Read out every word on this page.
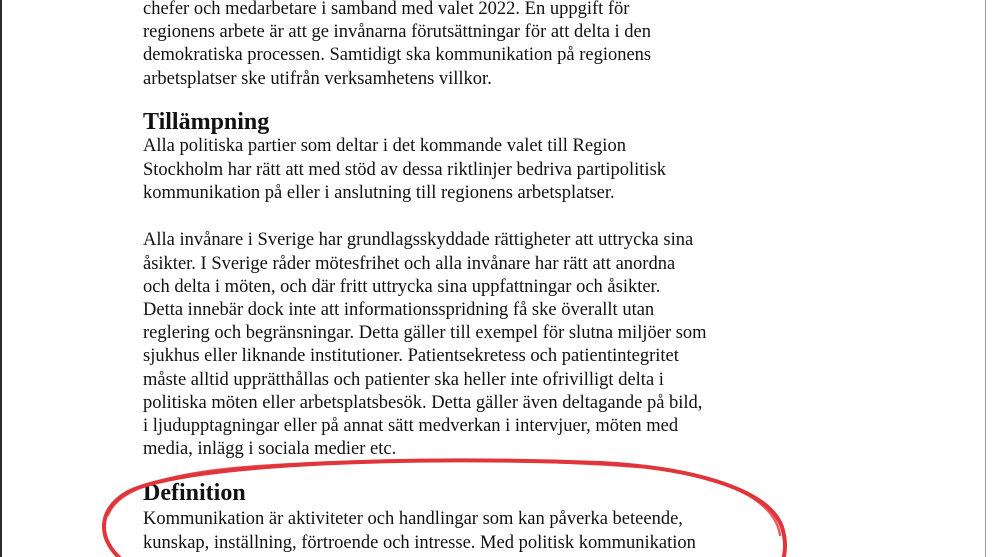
chefer och medarbetare i samband med valet 2022. En uppgift för
regionens arbete är att ge invånarna förutsättningar för att delta i den
demokratiska processen. Samtidigt ska kommunikation på regionens
arbetsplatser ske utifrån verksamhetens villkor.
Tillämpning
Alla politiska partier som deltar i det kommande valet till Region
Stockholm har rätt att med stöd av dessa riktlinjer bedriva partipolitisk
kommunikation på eller i anslutning till regionens arbetsplatser.
Alla invånare i Sverige har grundlagsskyddade rättigheter att uttrycka sina
åsikter. I Sverige råder mötesfrihet och alla invånare har rätt att anordna
och delta i möten, och där fritt uttrycka sina uppfattningar och åsikter.
Detta innebär dock inte att informationsspridning få ske överallt utan
reglering och begränsningar. Detta gäller till exempel för slutna miljöer som
sjukhus eller liknande institutioner. Patientsekretess och patientintegritet
måste alltid upprätthållas och patienter ska heller inte ofrivilligt delta i
politiska möten eller arbetsplatsbesök. Detta gäller även deltagande på bild,
i ljudupptagningar eller på annat sätt medverkan i intervjuer, möten med
media, inlägg i sociala medier etc.
Definition
Kommunikation är aktiviteter och handlingar som kan påverka beteende,
kunskap, inställning, förtroende och intresse. Med politisk kommunikation
